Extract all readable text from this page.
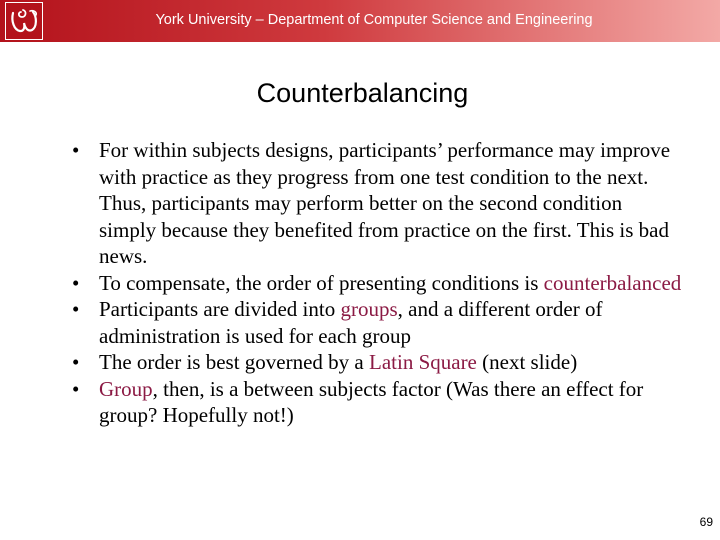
York University – Department of Computer Science and Engineering
Counterbalancing
• For within subjects designs, participants’ performance may improve with practice as they progress from one test condition to the next. Thus, participants may perform better on the second condition simply because they benefited from practice on the first. This is bad news.
• To compensate, the order of presenting conditions is counterbalanced
• Participants are divided into groups, and a different order of administration is used for each group
• The order is best governed by a Latin Square (next slide)
• Group, then, is a between subjects factor (Was there an effect for group? Hopefully not!)
69
